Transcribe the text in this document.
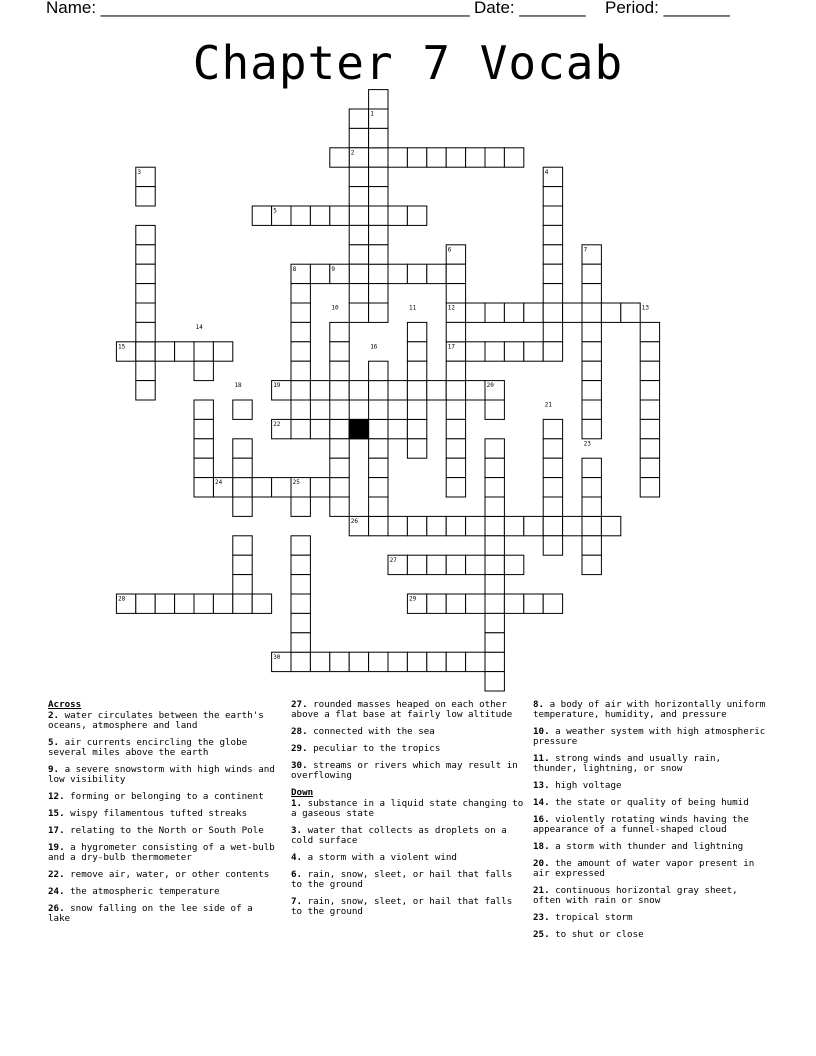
Name: _______________________________________ Date: _______ Period: _______
Chapter 7 Vocab
1
2
3	4
5
6	7
8	9
10	11	12	13
14
15	16	17
18	19	20
21
22
23
24	25
26
27
28	29
30
Across
2. water circulates between the earth's oceans, atmosphere and land
5. air currents encircling the globe several miles above the earth
9. a severe snowstorm with high winds and low visibility
12. forming or belonging to a continent
15. wispy filamentous tufted streaks
17. relating to the North or South Pole
19. a hygrometer consisting of a wet-bulb and a dry-bulb thermometer
22. remove air, water, or other contents
24. the atmospheric temperature
26. snow falling on the lee side of a lake
27. rounded masses heaped on each other above a flat base at fairly low altitude
28. connected with the sea
29. peculiar to the tropics
30. streams or rivers which may result in overflowing
Down
1. substance in a liquid state changing to a gaseous state
3. water that collects as droplets on a cold surface
4. a storm with a violent wind
6. rain, snow, sleet, or hail that falls to the ground
7. rain, snow, sleet, or hail that falls to the ground
8. a body of air with horizontally uniform temperature, humidity, and pressure
10. a weather system with high atmospheric pressure
11. strong winds and usually rain, thunder, lightning, or snow
13. high voltage
14. the state or quality of being humid
16. violently rotating winds having the appearance of a funnel-shaped cloud
18. a storm with thunder and lightning
20. the amount of water vapor present in air expressed
21. continuous horizontal gray sheet, often with rain or snow
23. tropical storm
25. to shut or close
